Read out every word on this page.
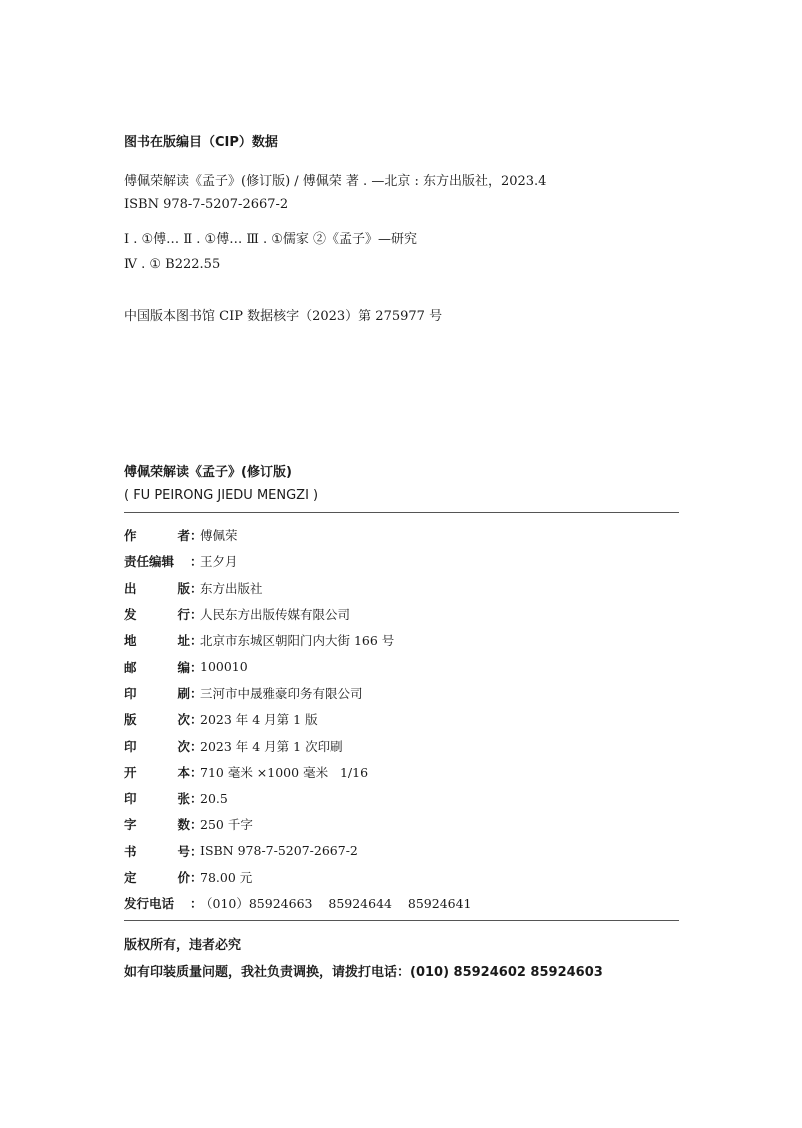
图书在版编目（CIP）数据
傅佩荣解读《孟子》(修订版) / 傅佩荣 著 . —北京 : 东方出版社，2023.4
ISBN 978-7-5207-2667-2
Ⅰ . ①傅… Ⅱ . ①傅… Ⅲ . ①儒家 ②《孟子》—研究
Ⅳ . ① B222.55
中国版本图书馆 CIP 数据核字（2023）第 275977 号
傅佩荣解读《孟子》(修订版)
( FU PEIRONG JIEDU MENGZI )
作	者 ：
傅佩荣
责任编辑 ：
王夕月
出	版 ：
东方出版社
发	行 ：
人民东方出版传媒有限公司
地	址 ：
北京市东城区朝阳门内大街 166 号
邮	编 ：
100010
印	刷 ：
三河市中晟雅豪印务有限公司
版	次 ：
2023 年 4 月第 1 版
印	次 ：
2023 年 4 月第 1 次印刷
开	本 ：
710 毫米 ×1000 毫米   1/16
印	张 ：
20.5
字	数 ：
250 千字
书	号 ：
ISBN 978-7-5207-2667-2
定	价 ：
78.00 元
发行电话 ：
（010）85924663    85924644    85924641
版权所有，违者必究
如有印装质量问题，我社负责调换，请拨打电话：(010) 85924602 85924603
